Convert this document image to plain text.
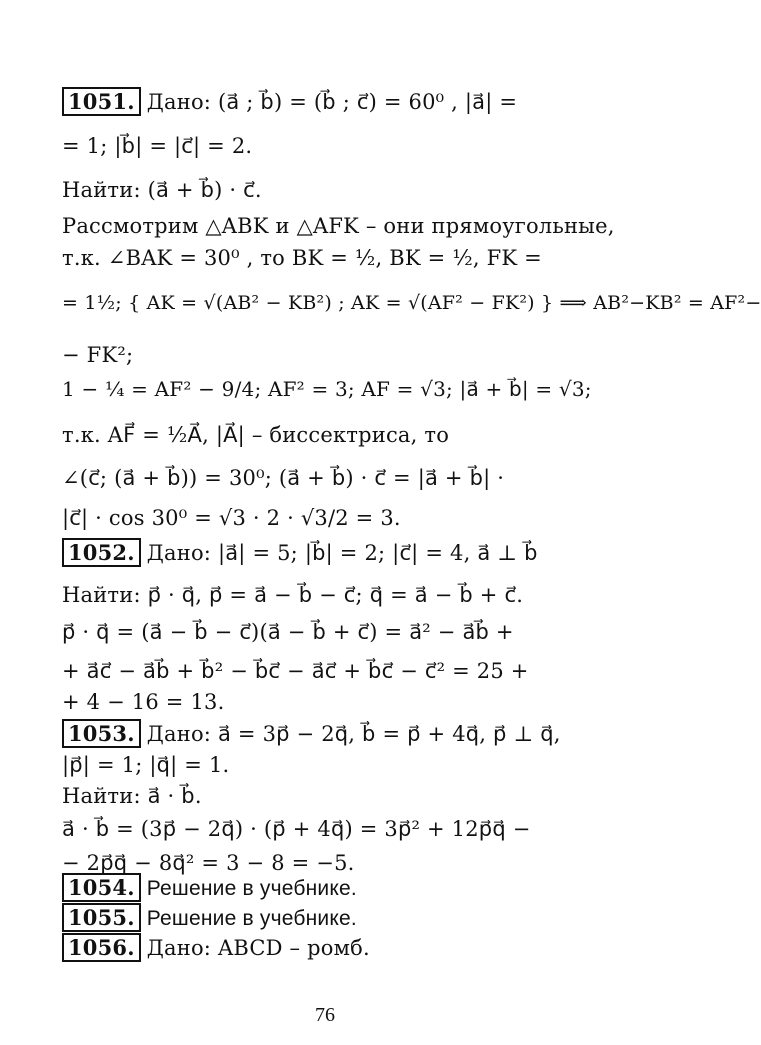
1051. Дано: (a⃗ ; b⃗) = (b⃗ ; c⃗) = 60⁰ , |a⃗| =
= 1; |b⃗| = |c⃗| = 2.
Найти: (a⃗ + b⃗) · c⃗.
Рассмотрим △ABK и △AFK – они прямоугольные,
т.к. ∠BAK = 30⁰ , то BK = ½, BK = ½, FK =
= 1½; { AK = √(AB² − KB²) ; AK = √(AF² − FK²) } ⟹ AB²−KB² = AF²−
− FK²;
1 − ¼ = AF² − 9/4; AF² = 3; AF = √3; |a⃗ + b⃗| = √3;
т.к. AF⃗ = ½A⃗, |A⃗| – биссектриса, то
∠(c⃗; (a⃗ + b⃗)) = 30⁰; (a⃗ + b⃗) · c⃗ = |a⃗ + b⃗| ·
|c⃗| · cos 30⁰ = √3 · 2 · √3/2 = 3.
1052. Дано: |a⃗| = 5; |b⃗| = 2; |c⃗| = 4, a⃗ ⊥ b⃗
Найти: p⃗ · q⃗, p⃗ = a⃗ − b⃗ − c⃗; q⃗ = a⃗ − b⃗ + c⃗.
p⃗ · q⃗ = (a⃗ − b⃗ − c⃗)(a⃗ − b⃗ + c⃗) = a⃗² − a⃗b⃗ +
+ a⃗c⃗ − a⃗b⃗ + b⃗² − b⃗c⃗ − a⃗c⃗ + b⃗c⃗ − c⃗² = 25 +
+ 4 − 16 = 13.
1053. Дано: a⃗ = 3p⃗ − 2q⃗, b⃗ = p⃗ + 4q⃗, p⃗ ⊥ q⃗,
|p⃗| = 1; |q⃗| = 1.
Найти: a⃗ · b⃗.
a⃗ · b⃗ = (3p⃗ − 2q⃗) · (p⃗ + 4q⃗) = 3p⃗² + 12p⃗q⃗ −
− 2p⃗q⃗ − 8q⃗² = 3 − 8 = −5.
1054. Решение в учебнике.
1055. Решение в учебнике.
1056. Дано: ABCD – ромб.
76
